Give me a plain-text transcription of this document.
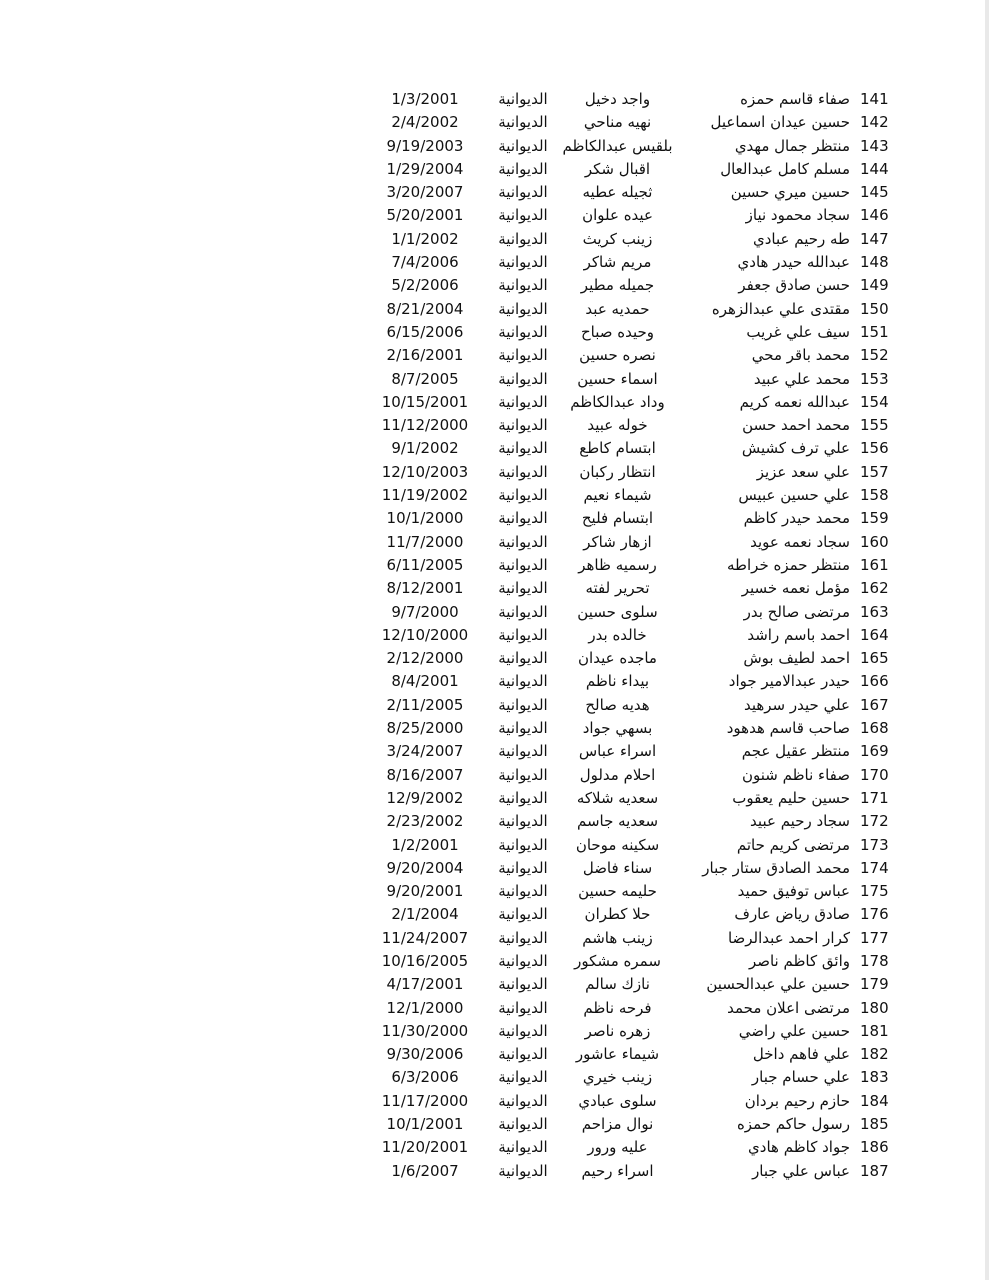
141
صفاء قاسم حمزه
واجد دخيل
الديوانية
1/3/2001
142
حسين عيدان اسماعيل
نهيه مناحي
الديوانية
2/4/2002
143
منتظر جمال مهدي
بلقيس عبدالكاظم
الديوانية
9/19/2003
144
مسلم كامل عبدالعال
اقبال شكر
الديوانية
1/29/2004
145
حسين ميري حسين
ثجيله عطيه
الديوانية
3/20/2007
146
سجاد محمود نياز
عيده علوان
الديوانية
5/20/2001
147
طه رحيم عبادي
زينب كريث
الديوانية
1/1/2002
148
عبدالله حيدر هادي
مريم شاكر
الديوانية
7/4/2006
149
حسن صادق جعفر
جميله مطير
الديوانية
5/2/2006
150
مقتدى علي عبدالزهره
حمديه عبد
الديوانية
8/21/2004
151
سيف علي غريب
وحيده صباح
الديوانية
6/15/2006
152
محمد باقر محي
نصره حسين
الديوانية
2/16/2001
153
محمد علي عبيد
اسماء حسين
الديوانية
8/7/2005
154
عبدالله نعمه كريم
وداد عبدالكاظم
الديوانية
10/15/2001
155
محمد احمد حسن
خوله عبيد
الديوانية
11/12/2000
156
علي ترف كشيش
ابتسام كاطع
الديوانية
9/1/2002
157
علي سعد عزيز
انتظار ركبان
الديوانية
12/10/2003
158
علي حسين عبيس
شيماء نعيم
الديوانية
11/19/2002
159
محمد حيدر كاظم
ابتسام فليح
الديوانية
10/1/2000
160
سجاد نعمه عويد
ازهار شاكر
الديوانية
11/7/2000
161
منتظر حمزه خراطه
رسميه ظاهر
الديوانية
6/11/2005
162
مؤمل نعمه خسير
تحرير لفته
الديوانية
8/12/2001
163
مرتضى صالح بدر
سلوى حسين
الديوانية
9/7/2000
164
احمد باسم راشد
خالده بدر
الديوانية
12/10/2000
165
احمد لطيف بوش
ماجده عيدان
الديوانية
2/12/2000
166
حيدر عبدالامير جواد
بيداء ناظم
الديوانية
8/4/2001
167
علي حيدر سرهيد
هديه صالح
الديوانية
2/11/2005
168
صاحب قاسم هدهود
بسهي جواد
الديوانية
8/25/2000
169
منتظر عقيل عجم
اسراء عباس
الديوانية
3/24/2007
170
صفاء ناظم شنون
احلام مدلول
الديوانية
8/16/2007
171
حسين حليم يعقوب
سعديه شلاكه
الديوانية
12/9/2002
172
سجاد رحيم عبيد
سعديه جاسم
الديوانية
2/23/2002
173
مرتضى كريم حاتم
سكينه موحان
الديوانية
1/2/2001
174
محمد الصادق ستار جبار
سناء فاضل
الديوانية
9/20/2004
175
عباس توفيق حميد
حليمه حسين
الديوانية
9/20/2001
176
صادق رياض عارف
حلا كطران
الديوانية
2/1/2004
177
كرار احمد عبدالرضا
زينب هاشم
الديوانية
11/24/2007
178
وائق كاظم ناصر
سمره مشكور
الديوانية
10/16/2005
179
حسين علي عبدالحسين
نازك سالم
الديوانية
4/17/2001
180
مرتضى اعلان محمد
فرحه ناظم
الديوانية
12/1/2000
181
حسين علي راضي
زهره ناصر
الديوانية
11/30/2000
182
علي فاهم داخل
شيماء عاشور
الديوانية
9/30/2006
183
علي حسام جبار
زينب خيري
الديوانية
6/3/2006
184
حازم رحيم بردان
سلوى عبادي
الديوانية
11/17/2000
185
رسول حاكم حمزه
نوال مزاحم
الديوانية
10/1/2001
186
جواد كاظم هادي
عليه ورور
الديوانية
11/20/2001
187
عباس علي جبار
اسراء رحيم
الديوانية
1/6/2007
